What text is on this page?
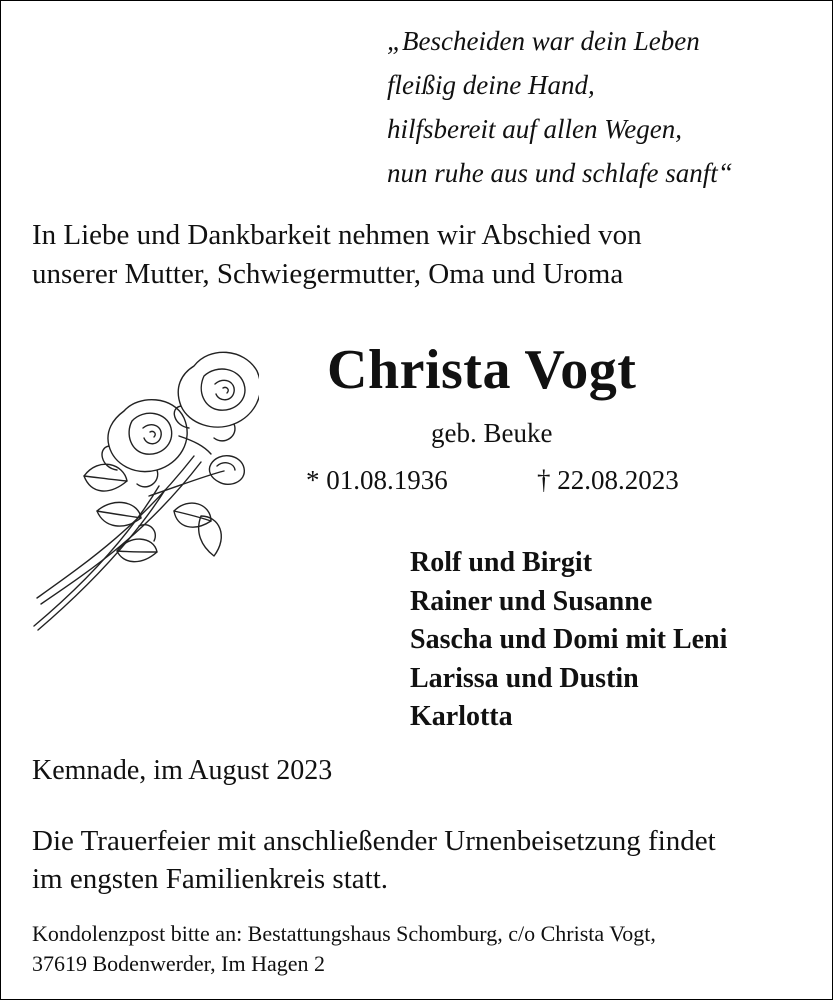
„Bescheiden war dein Leben
fleißig deine Hand,
hilfsbereit auf allen Wegen,
nun ruhe aus und schlafe sanft“
In Liebe und Dankbarkeit nehmen wir Abschied von
unserer Mutter, Schwiegermutter, Oma und Uroma
Christa Vogt
geb. Beuke
* 01.08.1936	† 22.08.2023
Rolf und Birgit
Rainer und Susanne
Sascha und Domi mit Leni
Larissa und Dustin
Karlotta
Kemnade, im August 2023
Die Trauerfeier mit anschließender Urnenbeisetzung findet
im engsten Familienkreis statt.
Kondolenzpost bitte an: Bestattungshaus Schomburg, c/o Christa Vogt,
37619 Bodenwerder, Im Hagen 2
